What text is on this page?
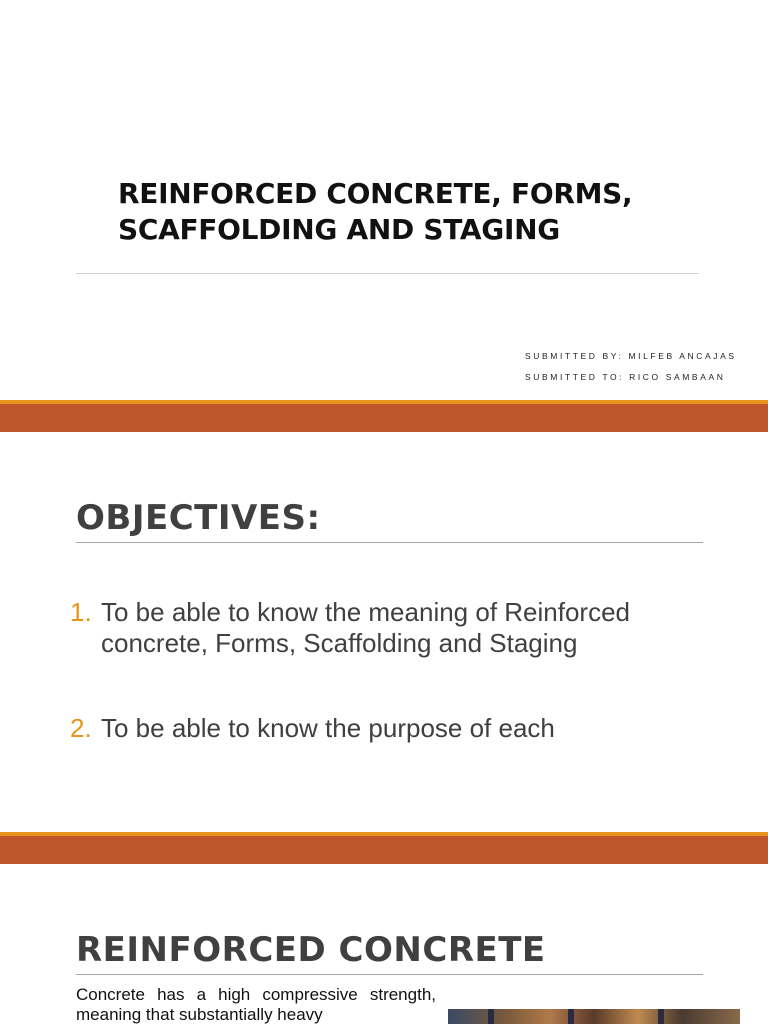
REINFORCED CONCRETE, FORMS,
SCAFFOLDING AND STAGING
SUBMITTED BY: MILFEB ANCAJAS
SUBMITTED TO: RICO SAMBAAN
OBJECTIVES:
1. To be able to know the meaning of Reinforced concrete, Forms, Scaffolding and Staging
2. To be able to know the purpose of each
REINFORCED CONCRETE

Concrete has a high compressive strength, meaning that substantially heavy
